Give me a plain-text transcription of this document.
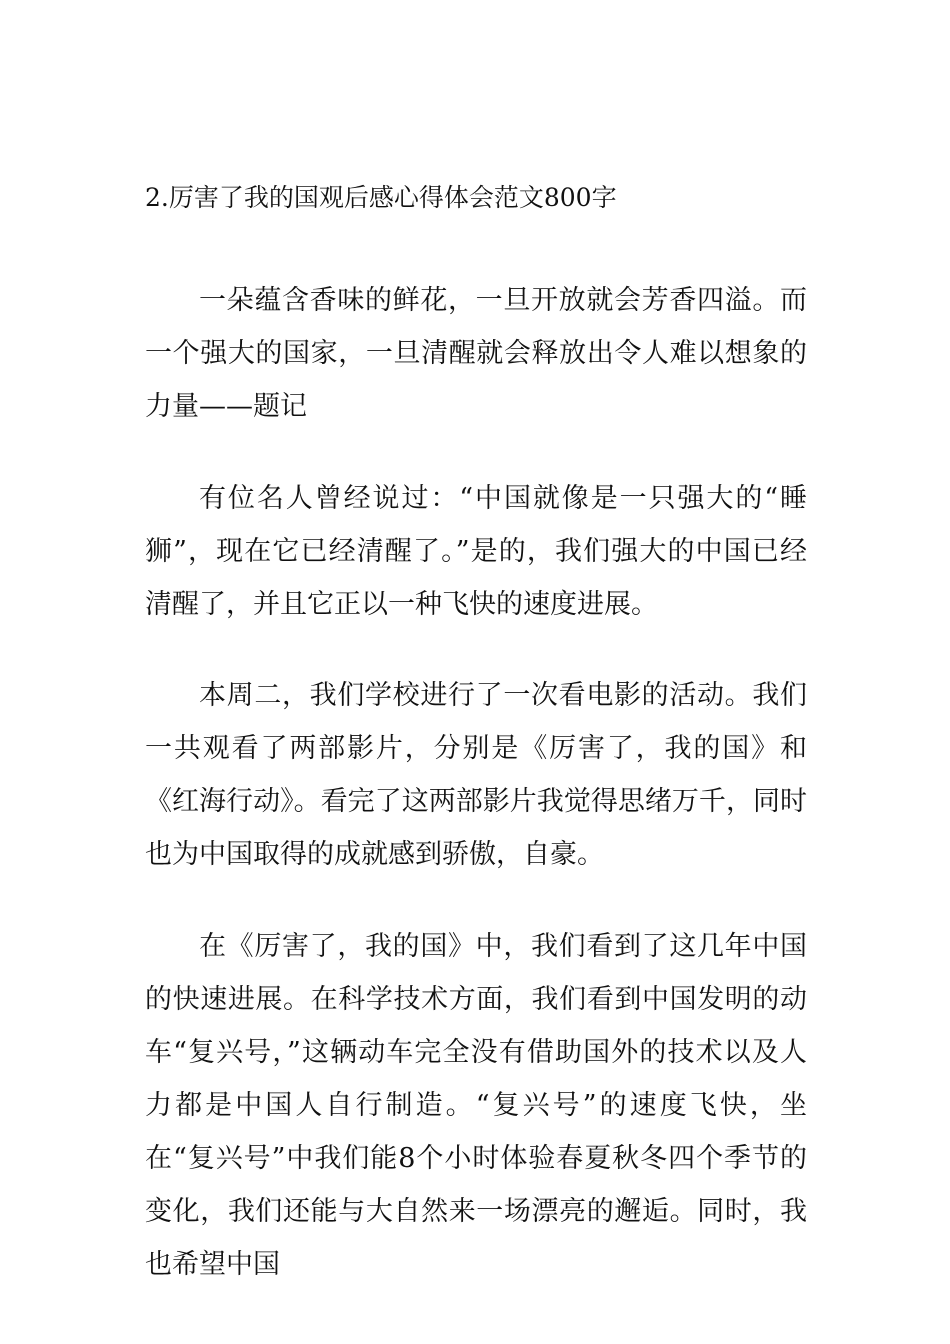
2.厉害了我的国观后感心得体会范文800字

一朵蕴含香味的鲜花，一旦开放就会芳香四溢。而一个强大的国家，一旦清醒就会释放出令人难以想象的力量——题记

有位名人曾经说过：“中国就像是一只强大的“睡狮”，现在它已经清醒了。”是的，我们强大的中国已经清醒了，并且它正以一种飞快的速度进展。

本周二，我们学校进行了一次看电影的活动。我们一共观看了两部影片，分别是《厉害了，我的国》和《红海行动》。看完了这两部影片我觉得思绪万千，同时也为中国取得的成就感到骄傲，自豪。

在《厉害了，我的国》中，我们看到了这几年中国的快速进展。在科学技术方面，我们看到中国发明的动车“复兴号，”这辆动车完全没有借助国外的技术以及人力都是中国人自行制造。“复兴号”的速度飞快，坐在“复兴号”中我们能8个小时体验春夏秋冬四个季节的变化，我们还能与大自然来一场漂亮的邂逅。同时，我也希望中国
